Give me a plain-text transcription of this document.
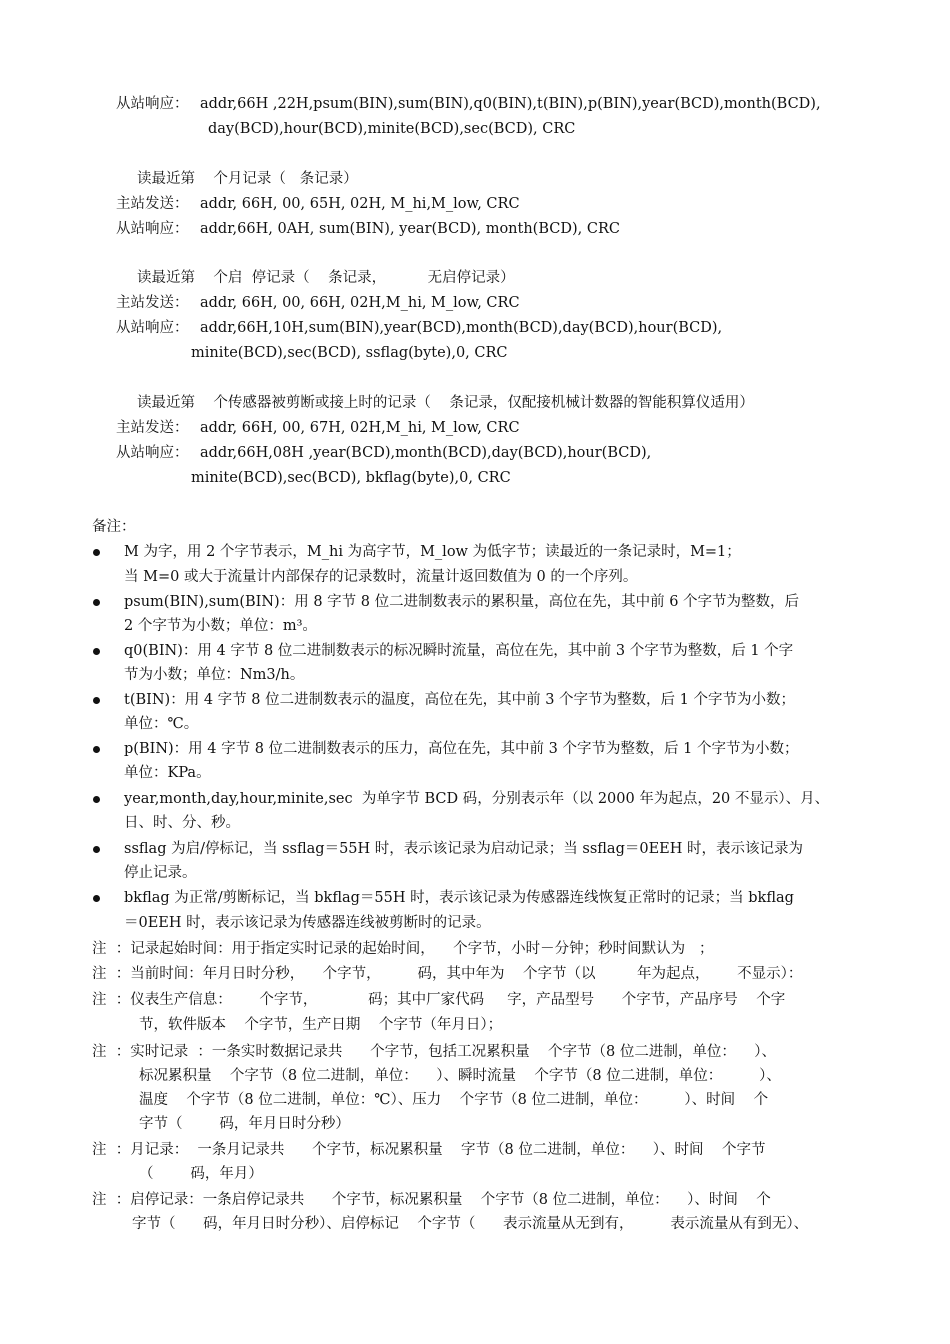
从站响应： addr,66H ,22H,psum(BIN),sum(BIN),q0(BIN),t(BIN),p(BIN),year(BCD),month(BCD),
day(BCD),hour(BCD),minite(BCD),sec(BCD), CRC
读最近第    个月记录（   条记录）
主站发送： addr, 66H, 00, 65H, 02H, M_hi,M_low, CRC
从站响应： addr,66H, 0AH, sum(BIN), year(BCD), month(BCD), CRC
读最近第    个启  停记录（    条记录，         无启停记录）
主站发送： addr, 66H, 00, 66H, 02H,M_hi, M_low, CRC
从站响应： addr,66H,10H,sum(BIN),year(BCD),month(BCD),day(BCD),hour(BCD),
minite(BCD),sec(BCD), ssflag(byte),0, CRC
读最近第    个传感器被剪断或接上时的记录（    条记录，仅配接机械计数器的智能积算仪适用）
主站发送： addr, 66H, 00, 67H, 02H,M_hi, M_low, CRC
从站响应： addr,66H,08H ,year(BCD),month(BCD),day(BCD),hour(BCD),
minite(BCD),sec(BCD), bkflag(byte),0, CRC
备注：
M 为字，用 2 个字节表示，M_hi 为高字节，M_low 为低字节；读最近的一条记录时，M=1；
当 M=0 或大于流量计内部保存的记录数时，流量计返回数值为 0 的一个序列。
psum(BIN),sum(BIN)：用 8 字节 8 位二进制数表示的累积量，高位在先，其中前 6 个字节为整数，后
2 个字节为小数；单位：m³。
q0(BIN)：用 4 字节 8 位二进制数表示的标况瞬时流量，高位在先，其中前 3 个字节为整数，后 1 个字
节为小数；单位：Nm3/h。
t(BIN)：用 4 字节 8 位二进制数表示的温度，高位在先，其中前 3 个字节为整数，后 1 个字节为小数；
单位：℃。
p(BIN)：用 4 字节 8 位二进制数表示的压力，高位在先，其中前 3 个字节为整数，后 1 个字节为小数；
单位：KPa。
year,month,day,hour,minite,sec  为单字节 BCD 码，分别表示年（以 2000 年为起点，20 不显示）、月、
日、时、分、秒。
ssflag 为启/停标记，当 ssflag＝55H 时，表示该记录为启动记录；当 ssflag＝0EEH 时，表示该记录为
停止记录。
bkflag 为正常/剪断标记，当 bkflag＝55H 时，表示该记录为传感器连线恢复正常时的记录；当 bkflag
＝0EEH 时，表示该记录为传感器连线被剪断时的记录。
注  ：记录起始时间：用于指定实时记录的起始时间，    个字节，小时－分钟；秒时间默认为   ；
注  ：当前时间：年月日时分秒，    个字节，        码，其中年为    个字节（以         年为起点，      不显示）：
注  ：仪表生产信息：      个字节，           码；其中厂家代码     字，产品型号      个字节，产品序号    个字
节，软件版本    个字节，生产日期    个字节（年月日）；
注  ：实时记录  ：一条实时数据记录共      个字节，包括工况累积量    个字节（8 位二进制，单位：    ）、
标况累积量    个字节（8 位二进制，单位：    ）、瞬时流量    个字节（8 位二进制，单位：        ）、
温度    个字节（8 位二进制，单位：℃）、压力    个字节（8 位二进制，单位：        ）、时间    个
字节（        码，年月日时分秒）
注  ：月记录：  一条月记录共      个字节，标况累积量    字节（8 位二进制，单位：    ）、时间    个字节
（        码，年月）
注  ：启停记录：一条启停记录共      个字节，标况累积量    个字节（8 位二进制，单位：    ）、时间    个
字节（      码，年月日时分秒）、启停标记    个字节（      表示流量从无到有，        表示流量从有到无）、
